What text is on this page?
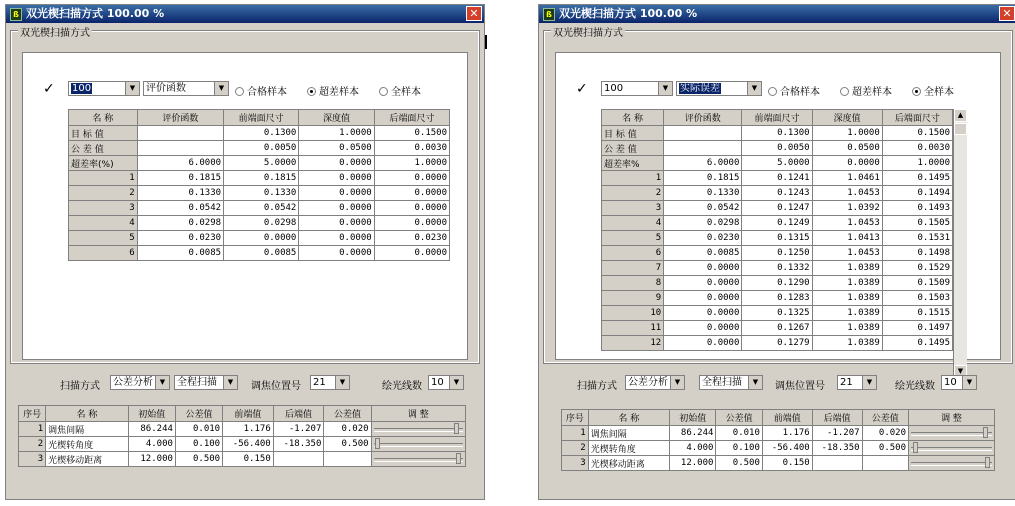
ß 双光楔扫描方式 100.00 %	✕
双光楔扫描方式
✓	100	▼	评价函数	▼	合格样本	超差样本	全样本
名 称	评价函数	前端面尺寸	深度值	后端面尺寸
目 标 值		0.1300	1.0000	0.1500
公 差 值		0.0050	0.0500	0.0030
超差率(%)	6.0000	5.0000	0.0000	1.0000
1	0.1815	0.1815	0.0000	0.0000
2	0.1330	0.1330	0.0000	0.0000
3	0.0542	0.0542	0.0000	0.0000
4	0.0298	0.0298	0.0000	0.0000
5	0.0230	0.0000	0.0000	0.0230
6	0.0085	0.0085	0.0000	0.0000
扫描方式	公差分析 ▼	全程扫描	▼	调焦位置号	21	▼	绘光线数 10	▼
序号	名 称	初始值	公差值	前端值	后端值	公差值	调 整
1	调焦间隔	86.244	0.010	1.176	-1.207	0.020	

2	光楔转角度	4.000	0.100	-56.400	-18.350	0.500	

3	光楔移动距离	12.000	0.500	0.150			
ß 双光楔扫描方式 100.00 %	✕
双光楔扫描方式
✓	100	▼	实际误差	▼	合格样本	超差样本	全样本
名 称	评价函数	前端面尺寸	深度值	后端面尺寸
目 标 值		0.1300	1.0000	0.1500
公 差 值		0.0050	0.0500	0.0030
超差率%	6.0000	5.0000	0.0000	1.0000
1	0.1815	0.1241	1.0461	0.1495
2	0.1330	0.1243	1.0453	0.1494
3	0.0542	0.1247	1.0392	0.1493
4	0.0298	0.1249	1.0453	0.1505
5	0.0230	0.1315	1.0413	0.1531
6	0.0085	0.1250	1.0453	0.1498
7	0.0000	0.1332	1.0389	0.1529
8	0.0000	0.1290	1.0389	0.1509
9	0.0000	0.1283	1.0389	0.1503
10	0.0000	0.1325	1.0389	0.1515
11	0.0000	0.1267	1.0389	0.1497
12	0.0000	0.1279	1.0389	0.1495
▲
▼
扫描方式	公差分析 ▼	全程扫描	▼	调焦位置号	21	▼	绘光线数 10	▼
序号	名 称	初始值	公差值	前端值	后端值	公差值	调 整
1	调焦间隔	86.244	0.010	1.176	-1.207	0.020	

2	光楔转角度	4.000	0.100	-56.400	-18.350	0.500	

3	光楔移动距离	12.000	0.500	0.150			
